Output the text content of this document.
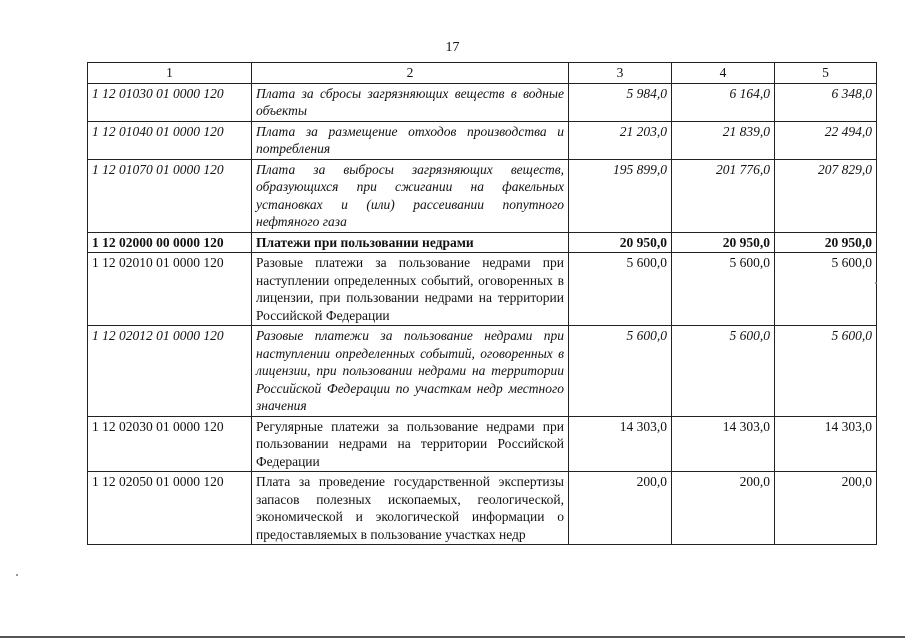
17
1	2	3	4	5
1 12 01030 01 0000 120	Плата за сбросы загрязняющих веществ в водные объекты	5 984,0	6 164,0	6 348,0
1 12 01040 01 0000 120	Плата за размещение отходов производства и потребления	21 203,0	21 839,0	22 494,0
1 12 01070 01 0000 120	Плата за выбросы загрязняющих веществ, образующихся при сжигании на факельных установках и (или) рассеивании попутного нефтяного газа	195 899,0	201 776,0	207 829,0
1 12 02000 00 0000 120	Платежи при пользовании недрами	20 950,0	20 950,0	20 950,0
1 12 02010 01 0000 120	Разовые платежи за пользование недрами при наступлении определенных событий, оговоренных в лицензии, при пользовании недрами на территории Российской Федерации	5 600,0	5 600,0	5 600,0
1 12 02012 01 0000 120	Разовые платежи за пользование недрами при наступлении определенных событий, оговоренных в лицензии, при пользовании недрами на территории Российской Федерации по участкам недр местного значения	5 600,0	5 600,0	5 600,0
1 12 02030 01 0000 120	Регулярные платежи за пользование недрами при пользовании недрами на территории Российской Федерации	14 303,0	14 303,0	14 303,0
1 12 02050 01 0000 120	Плата за проведение государственной экспертизы запасов полезных ископаемых, геологической, экономической и экологической информации о предоставляемых в пользование участках недр	200,0	200,0	200,0
